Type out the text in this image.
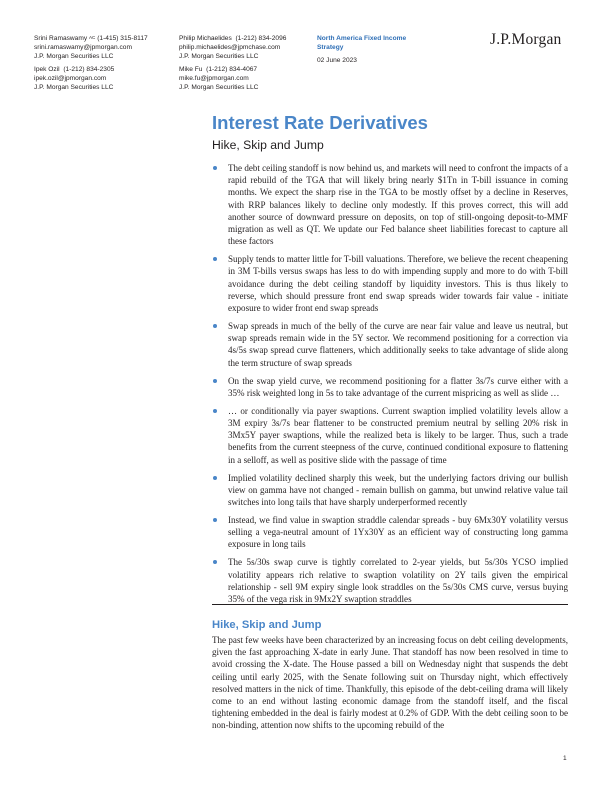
Srini Ramaswamy $^{AC}$ (1-415) 315-8117
srini.ramaswamy@jpmorgan.com
J.P. Morgan Securities LLC
Ipek Ozil (1-212) 834-2305
ipek.ozil@jpmorgan.com
J.P. Morgan Securities LLC
Philip Michaelides (1-212) 834-2096
philip.michaelides@jpmchase.com
J.P. Morgan Securities LLC
Mike Fu (1-212) 834-4067
mike.fu@jpmorgan.com
J.P. Morgan Securities LLC
North America Fixed Income
Strategy
02 June 2023
J.P.Morgan
Interest Rate Derivatives
Hike, Skip and Jump
The debt ceiling standoff is now behind us, and markets will need to confront the impacts of a rapid rebuild of the TGA that will likely bring nearly $1Tn in T-bill issuance in coming months. We expect the sharp rise in the TGA to be mostly offset by a decline in Reserves, with RRP balances likely to decline only modestly. If this proves correct, this will add another source of downward pressure on deposits, on top of still-ongoing deposit-to-MMF migration as well as QT. We update our Fed balance sheet liabilities forecast to capture all these factors
Supply tends to matter little for T-bill valuations. Therefore, we believe the recent cheapening in 3M T-bills versus swaps has less to do with impending supply and more to do with T-bill avoidance during the debt ceiling standoff by liquidity investors. This is thus likely to reverse, which should pressure front end swap spreads wider towards fair value - initiate exposure to wider front end swap spreads
Swap spreads in much of the belly of the curve are near fair value and leave us neutral, but swap spreads remain wide in the 5Y sector. We recommend positioning for a correction via 4s/5s swap spread curve flatteners, which additionally seeks to take advantage of slide along the term structure of swap spreads
On the swap yield curve, we recommend positioning for a flatter 3s/7s curve either with a 35% risk weighted long in 5s to take advantage of the current mispricing as well as slide …
… or conditionally via payer swaptions. Current swaption implied volatility levels allow a 3M expiry 3s/7s bear flattener to be constructed premium neutral by selling 20% risk in 3Mx5Y payer swaptions, while the realized beta is likely to be larger. Thus, such a trade benefits from the current steepness of the curve, continued conditional exposure to flattening in a selloff, as well as positive slide with the passage of time
Implied volatility declined sharply this week, but the underlying factors driving our bullish view on gamma have not changed - remain bullish on gamma, but unwind relative value tail switches into long tails that have sharply underperformed recently
Instead, we find value in swaption straddle calendar spreads - buy 6Mx30Y volatility versus selling a vega-neutral amount of 1Yx30Y as an efficient way of constructing long gamma exposure in long tails
The 5s/30s swap curve is tightly correlated to 2-year yields, but 5s/30s YCSO implied volatility appears rich relative to swaption volatility on 2Y tails given the empirical relationship - sell 9M expiry single look straddles on the 5s/30s CMS curve, versus buying 35% of the vega risk in 9Mx2Y swaption straddles
Hike, Skip and Jump

The past few weeks have been characterized by an increasing focus on debt ceiling developments, given the fast approaching X-date in early June. That standoff has now been resolved in time to avoid crossing the X-date. The House passed a bill on Wednesday night that suspends the debt ceiling until early 2025, with the Senate following suit on Thursday night, which effectively resolved matters in the nick of time. Thankfully, this episode of the debt-ceiling drama will likely come to an end without lasting economic damage from the standoff itself, and the fiscal tightening embedded in the deal is fairly modest at 0.2% of GDP. With the debt ceiling soon to be non-binding, attention now shifts to the upcoming rebuild of the

1
